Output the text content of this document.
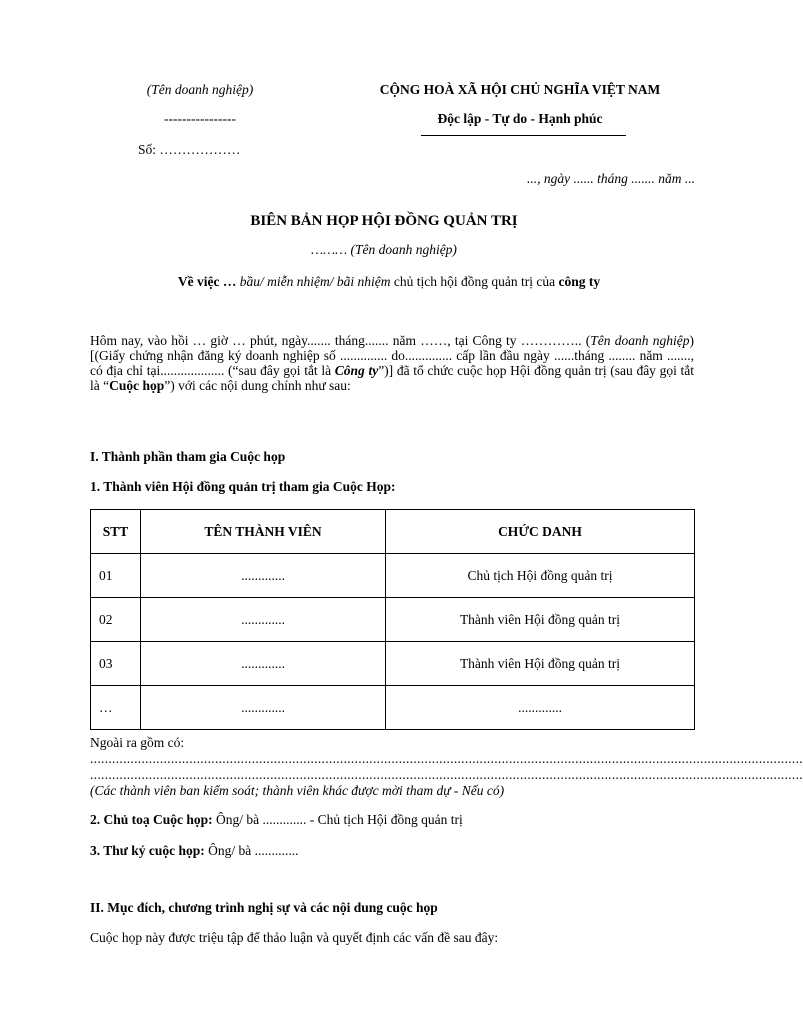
(Tên doanh nghiệp)
----------------
Số: ………………
CỘNG HOÀ XÃ HỘI CHỦ NGHĨA VIỆT NAM
Độc lập - Tự do - Hạnh phúc
..., ngày ...... tháng ....... năm ...
BIÊN BẢN HỌP HỘI ĐỒNG QUẢN TRỊ
……… (Tên doanh nghiệp)
Về việc … bầu/ miễn nhiệm/ bãi nhiệm chủ tịch hội đồng quản trị của công ty
Hôm nay, vào hồi … giờ … phút, ngày....... tháng....... năm ……, tại Công ty ………….. (Tên doanh nghiệp) [(Giấy chứng nhận đăng ký doanh nghiệp số .............. do.............. cấp lần đầu ngày ......tháng ........ năm ......., có địa chỉ tại................... (“sau đây gọi tắt là Công ty”)] đã tổ chức cuộc họp Hội đồng quản trị (sau đây gọi tắt là “Cuộc họp”) với các nội dung chính như sau:
I. Thành phần tham gia Cuộc họp
1. Thành viên Hội đồng quản trị tham gia Cuộc Họp:
STT	TÊN THÀNH VIÊN	CHỨC DANH
01	.............	Chủ tịch Hội đồng quản trị
02	.............	Thành viên Hội đồng quản trị
03	.............	Thành viên Hội đồng quản trị
…	.............	.............
Ngoài ra gồm có:
..................................................................................................................................................................................................
..................................................................................................................................................................................................
(Các thành viên ban kiểm soát; thành viên khác được mời tham dự - Nếu có)
2. Chủ toạ Cuộc họp: Ông/ bà ............. - Chủ tịch Hội đồng quản trị
3. Thư ký cuộc họp: Ông/ bà .............
II. Mục đích, chương trình nghị sự và các nội dung cuộc họp
Cuộc họp này được triệu tập để thảo luận và quyết định các vấn đề sau đây:
